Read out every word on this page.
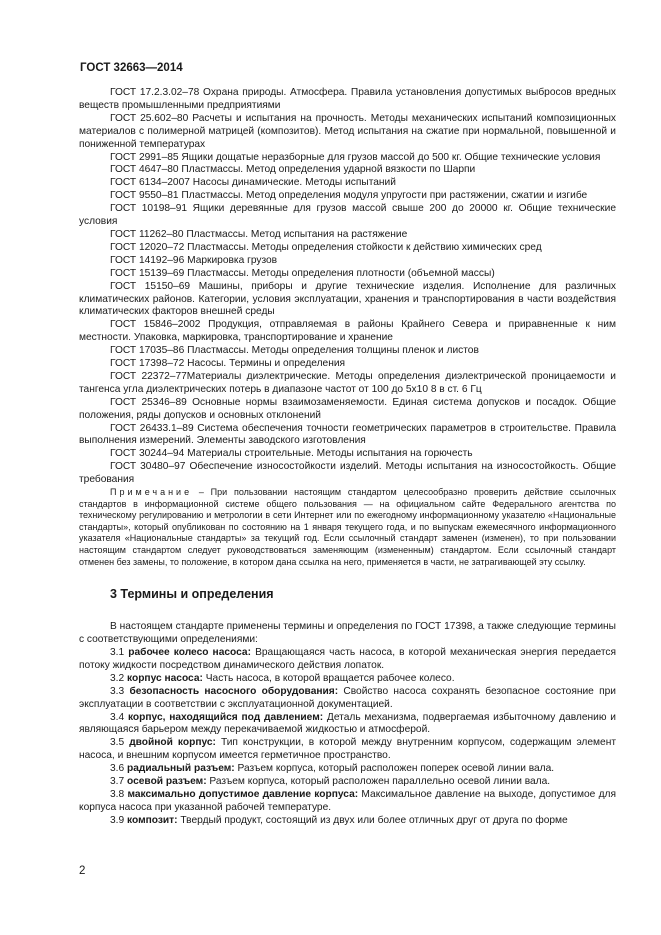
ГОСТ 32663—2014

ГОСТ 17.2.3.02–78 Охрана природы. Атмосфера. Правила установления допустимых выбросов вредных веществ промышленными предприятиями

ГОСТ 25.602–80 Расчеты и испытания на прочность. Методы механических испытаний композиционных материалов с полимерной матрицей (композитов). Метод испытания на сжатие при нормальной, повышенной и пониженной температурах

ГОСТ 2991–85 Ящики дощатые неразборные для грузов массой до 500 кг. Общие технические условия

ГОСТ 4647–80 Пластмассы. Метод определения ударной вязкости по Шарпи

ГОСТ 6134–2007 Насосы динамические. Методы испытаний

ГОСТ 9550–81 Пластмассы. Метод определения модуля упругости при растяжении, сжатии и изгибе

ГОСТ 10198–91 Ящики деревянные для грузов массой свыше 200 до 20000 кг. Общие технические условия

ГОСТ 11262–80 Пластмассы. Метод испытания на растяжение

ГОСТ 12020–72 Пластмассы. Методы определения стойкости к действию химических сред

ГОСТ 14192–96 Маркировка грузов

ГОСТ 15139–69 Пластмассы. Методы определения плотности (объемной массы)

ГОСТ 15150–69 Машины, приборы и другие технические изделия. Исполнение для различных климатических районов. Категории, условия эксплуатации, хранения и транспортирования в части воздействия климатических факторов внешней среды

ГОСТ 15846–2002 Продукция, отправляемая в районы Крайнего Севера и приравненные к ним местности. Упаковка, маркировка, транспортирование и хранение

ГОСТ 17035–86 Пластмассы. Методы определения толщины пленок и листов

ГОСТ 17398–72 Насосы. Термины и определения

ГОСТ 22372–77Материалы диэлектрические. Методы определения диэлектрической проницаемости и тангенса угла диэлектрических потерь в диапазоне частот от 100 до 5х10 8 в ст. 6 Гц

ГОСТ 25346–89 Основные нормы взаимозаменяемости. Единая система допусков и посадок. Общие положения, ряды допусков и основных отклонений

ГОСТ 26433.1–89 Система обеспечения точности геометрических параметров в строительстве. Правила выполнения измерений. Элементы заводского изготовления

ГОСТ 30244–94 Материалы строительные. Методы испытания на горючесть

ГОСТ 30480–97 Обеспечение износостойкости изделий. Методы испытания на износостойкость. Общие требования

Примечание – При пользовании настоящим стандартом целесообразно проверить действие ссылочных стандартов в информационной системе общего пользования — на официальном сайте Федерального агентства по техническому регулированию и метрологии в сети Интернет или по ежегодному информационному указателю «Национальные стандарты», который опубликован по состоянию на 1 января текущего года, и по выпускам ежемесячного информационного указателя «Национальные стандарты» за текущий год. Если ссылочный стандарт заменен (изменен), то при пользовании настоящим стандартом следует руководствоваться заменяющим (измененным) стандартом. Если ссылочный стандарт отменен без замены, то положение, в котором дана ссылка на него, применяется в части, не затрагивающей эту ссылку.

3 Термины и определения

В настоящем стандарте применены термины и определения по ГОСТ 17398, а также следующие термины с соответствующими определениями:

3.1 рабочее колесо насоса: Вращающаяся часть насоса, в которой механическая энергия передается потоку жидкости посредством динамического действия лопаток.

3.2 корпус насоса: Часть насоса, в которой вращается рабочее колесо.

3.3 безопасность насосного оборудования: Свойство насоса сохранять безопасное состояние при эксплуатации в соответствии с эксплуатационной документацией.

3.4 корпус, находящийся под давлением: Деталь механизма, подвергаемая избыточному давлению и являющаяся барьером между перекачиваемой жидкостью и атмосферой.

3.5 двойной корпус: Тип конструкции, в которой между внутренним корпусом, содержащим элемент насоса, и внешним корпусом имеется герметичное пространство.

3.6 радиальный разъем: Разъем корпуса, который расположен поперек осевой линии вала.

3.7 осевой разъем: Разъем корпуса, который расположен параллельно осевой линии вала.

3.8 максимально допустимое давление корпуса: Максимальное давление на выходе, допустимое для корпуса насоса при указанной рабочей температуре.

3.9 композит: Твердый продукт, состоящий из двух или более отличных друг от друга по форме

2
